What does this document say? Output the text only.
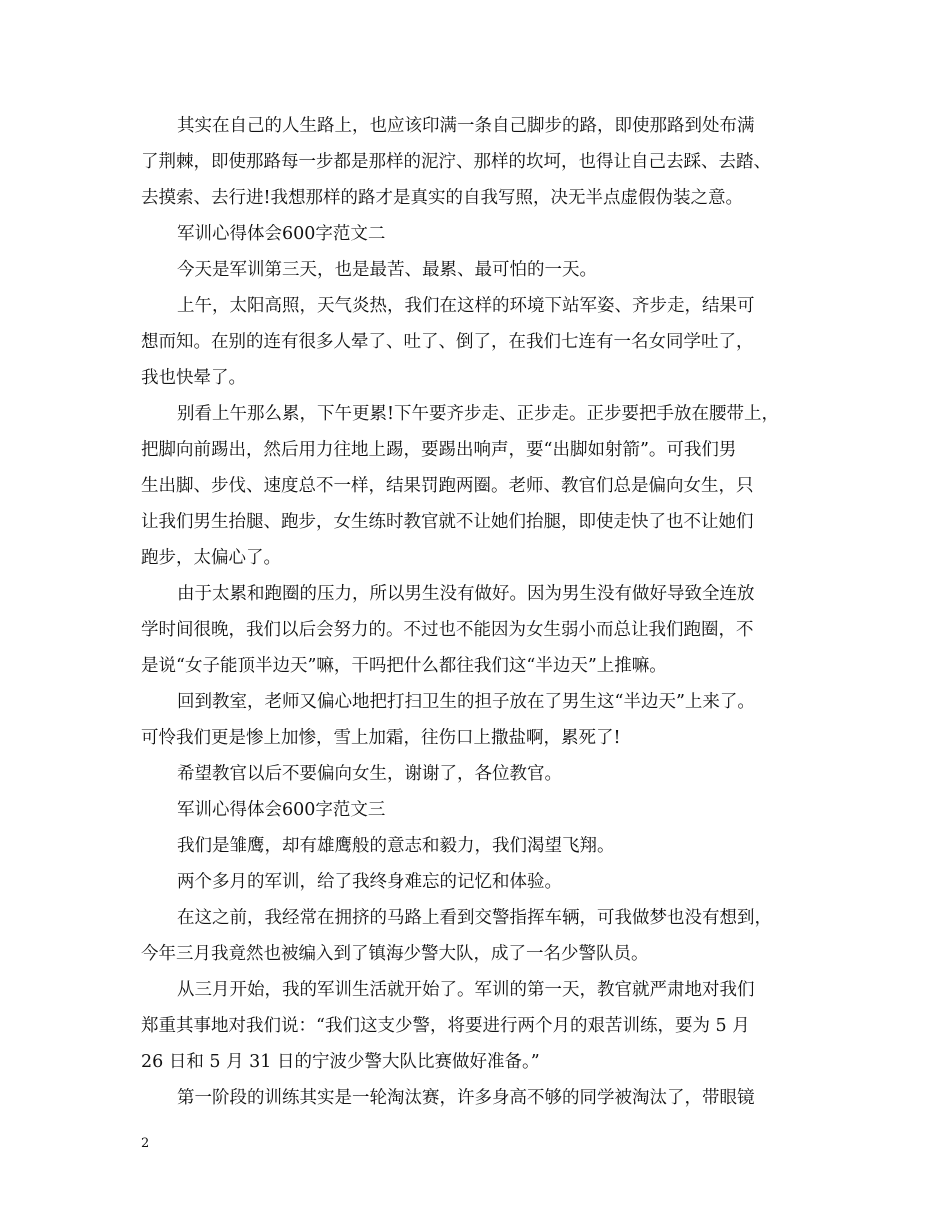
其实在自己的人生路上，也应该印满一条自己脚步的路，即使那路到处布满
了荆棘，即使那路每一步都是那样的泥泞、那样的坎坷，也得让自己去踩、去踏、
去摸索、去行进!我想那样的路才是真实的自我写照，决无半点虚假伪装之意。
军训心得体会600字范文二
今天是军训第三天，也是最苦、最累、最可怕的一天。
上午，太阳高照，天气炎热，我们在这样的环境下站军姿、齐步走，结果可
想而知。在别的连有很多人晕了、吐了、倒了，在我们七连有一名女同学吐了，
我也快晕了。
别看上午那么累，下午更累!下午要齐步走、正步走。正步要把手放在腰带上，
把脚向前踢出，然后用力往地上踢，要踢出响声，要“出脚如射箭”。可我们男
生出脚、步伐、速度总不一样，结果罚跑两圈。老师、教官们总是偏向女生，只
让我们男生抬腿、跑步，女生练时教官就不让她们抬腿，即使走快了也不让她们
跑步，太偏心了。
由于太累和跑圈的压力，所以男生没有做好。因为男生没有做好导致全连放
学时间很晚，我们以后会努力的。不过也不能因为女生弱小而总让我们跑圈，不
是说“女子能顶半边天”嘛，干吗把什么都往我们这“半边天”上推嘛。
回到教室，老师又偏心地把打扫卫生的担子放在了男生这“半边天”上来了。
可怜我们更是惨上加惨，雪上加霜，往伤口上撒盐啊，累死了!
希望教官以后不要偏向女生，谢谢了，各位教官。
军训心得体会600字范文三
我们是雏鹰，却有雄鹰般的意志和毅力，我们渴望飞翔。
两个多月的军训，给了我终身难忘的记忆和体验。
在这之前，我经常在拥挤的马路上看到交警指挥车辆，可我做梦也没有想到，
今年三月我竟然也被编入到了镇海少警大队，成了一名少警队员。
从三月开始，我的军训生活就开始了。军训的第一天，教官就严肃地对我们
郑重其事地对我们说：“我们这支少警，将要进行两个月的艰苦训练，要为 5 月
26 日和 5 月 31 日的宁波少警大队比赛做好准备。”
第一阶段的训练其实是一轮淘汰赛，许多身高不够的同学被淘汰了，带眼镜
2
